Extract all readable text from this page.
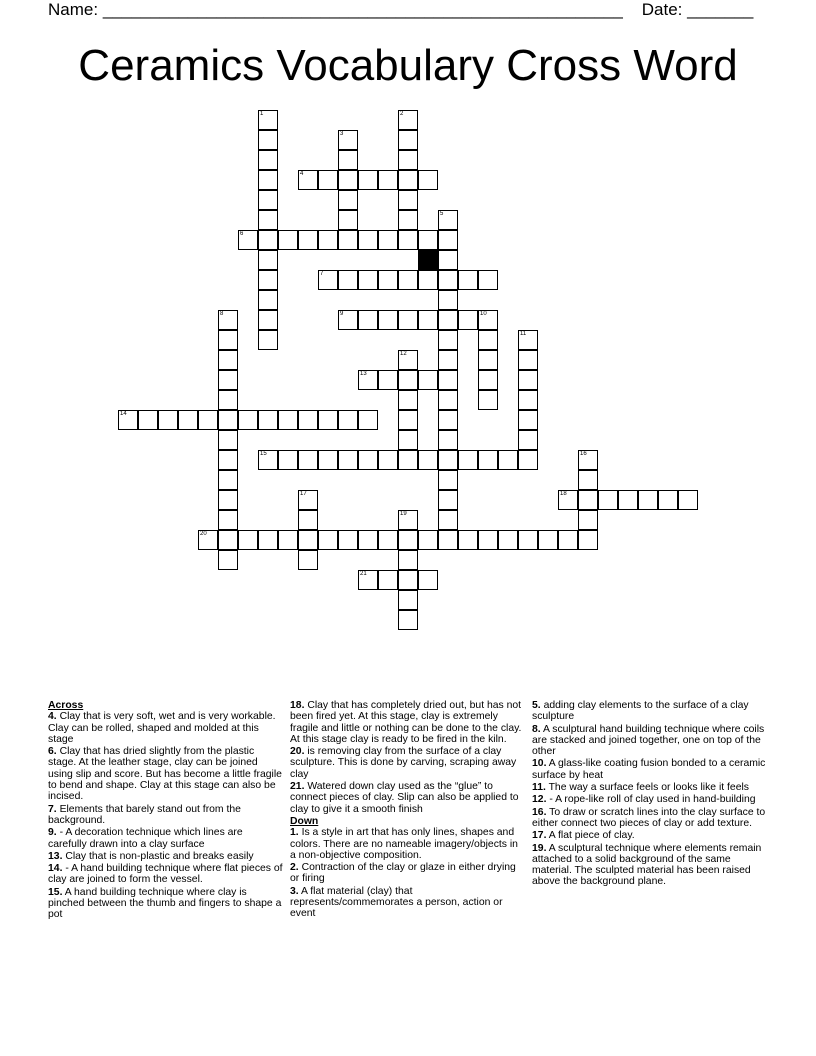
Name: _______________________________________________________ Date: _______
Ceramics Vocabulary Cross Word
4
6
7
9	10
13
14
15
18
20
21
1	2
3
5
8
11
12
16
17
19
Across
4. Clay that is very soft, wet and is very workable. Clay can be rolled, shaped and molded at this stage
6. Clay that has dried slightly from the plastic stage. At the leather stage, clay can be joined using slip and score. But has become a little fragile to bend and shape. Clay at this stage can also be incised.
7. Elements that barely stand out from the background.
9. - A decoration technique which lines are carefully drawn into a clay surface
13. Clay that is non-plastic and breaks easily
14. - A hand building technique where flat pieces of clay are joined to form the vessel.
15. A hand building technique where clay is pinched between the thumb and fingers to shape a pot
18. Clay that has completely dried out, but has not been fired yet. At this stage, clay is extremely fragile and little or nothing can be done to the clay. At this stage clay is ready to be fired in the kiln.
20. is removing clay from the surface of a clay sculpture. This is done by carving, scraping away clay
21. Watered down clay used as the “glue” to connect pieces of clay. Slip can also be applied to clay to give it a smooth finish
Down
1. Is a style in art that has only lines, shapes and colors. There are no nameable imagery/objects in a non-objective composition.
2. Contraction of the clay or glaze in either drying or firing
3. A flat material (clay) that represents/commemorates a person, action or event
5. adding clay elements to the surface of a clay sculpture
8. A sculptural hand building technique where coils are stacked and joined together, one on top of the other
10. A glass-like coating fusion bonded to a ceramic surface by heat
11. The way a surface feels or looks like it feels
12. - A rope-like roll of clay used in hand-building
16. To draw or scratch lines into the clay surface to either connect two pieces of clay or add texture.
17. A flat piece of clay.
19. A sculptural technique where elements remain attached to a solid background of the same material. The sculpted material has been raised above the background plane.
